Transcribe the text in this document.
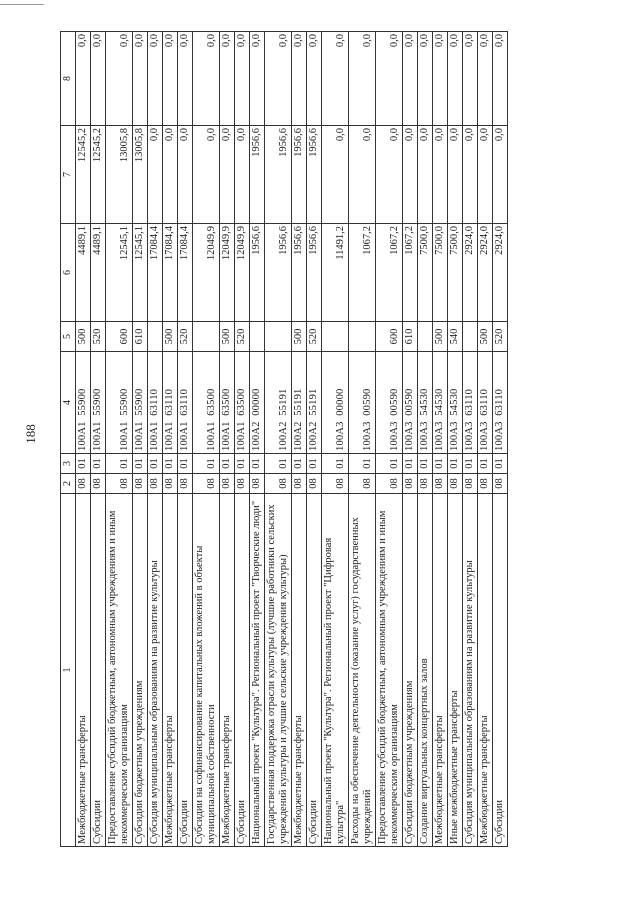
188
1	2	3	4	5	6	7	8
Межбюджетные трансферты	08	01	100A1  55900	500	4489,1	12545,2	0,0
Субсидии	08	01	100A1  55900	520	4489,1	12545,2	0,0
Предоставление субсидий бюджетным, автономным учреждениям и иным некоммерческим организациям	08	01	100A1  55900	600	12545,1	13005,8	0,0
Субсидии бюджетным учреждениям	08	01	100A1  55900	610	12545,1	13005,8	0,0
Субсидия муниципальным образованиям на развитие культуры	08	01	100A1  63110		17084,4	0,0	0,0
Межбюджетные трансферты	08	01	100A1  63110	500	17084,4	0,0	0,0
Субсидии	08	01	100A1  63110	520	17084,4	0,0	0,0
Субсидии на софинансирование капитальных вложений в объекты муниципальной собственности	08	01	100A1  63500		12049,9	0,0	0,0
Межбюджетные трансферты	08	01	100A1  63500	500	12049,9	0,0	0,0
Субсидии	08	01	100A1  63500	520	12049,9	0,0	0,0
Национальный проект "Культура". Региональный проект "Творческие люди"	08	01	100A2  00000		1956,6	1956,6	0,0
Государственная поддержка отрасли культуры (лучшие работники сельских учреждений культуры и лучшие сельские учреждения культуры)	08	01	100A2  55191		1956,6	1956,6	0,0
Межбюджетные трансферты	08	01	100A2  55191	500	1956,6	1956,6	0,0
Субсидии	08	01	100A2  55191	520	1956,6	1956,6	0,0
Национальный проект "Культура". Региональный проект "Цифровая культура"	08	01	100A3  00000		11491,2	0,0	0,0
Расходы на обеспечение деятельности (оказание услуг) государственных учреждений	08	01	100A3  00590		1067,2	0,0	0,0
Предоставление субсидий бюджетным, автономным учреждениям и иным некоммерческим организациям	08	01	100A3  00590	600	1067,2	0,0	0,0
Субсидии бюджетным учреждениям	08	01	100A3  00590	610	1067,2	0,0	0,0
Создание виртуальных концертных залов	08	01	100A3  54530		7500,0	0,0	0,0
Межбюджетные трансферты	08	01	100A3  54530	500	7500,0	0,0	0,0
Иные межбюджетные трансферты	08	01	100A3  54530	540	7500,0	0,0	0,0
Субсидия муниципальным образованиям на развитие культуры	08	01	100A3  63110		2924,0	0,0	0,0
Межбюджетные трансферты	08	01	100A3  63110	500	2924,0	0,0	0,0
Субсидии	08	01	100A3  63110	520	2924,0	0,0	0,0
